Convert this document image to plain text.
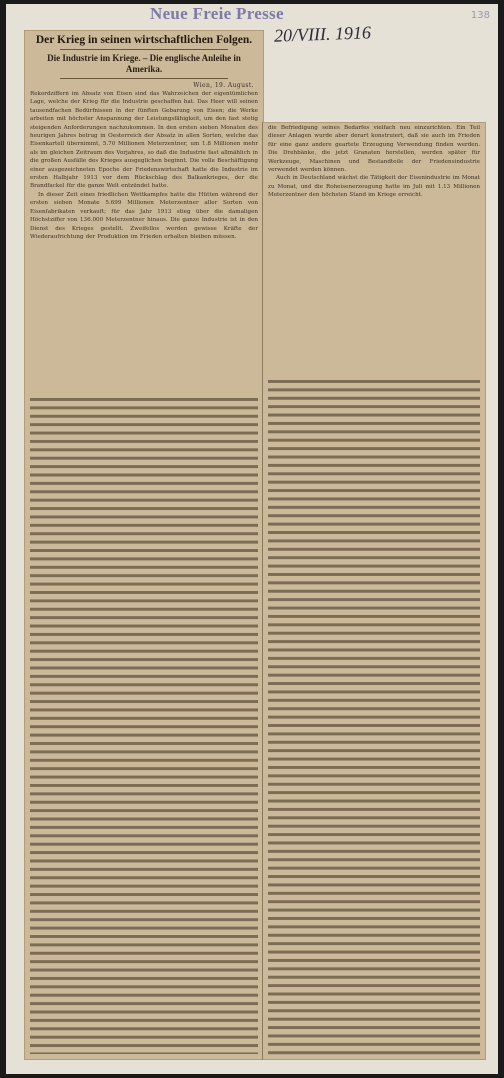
Neue Freie Presse	138
20/VIII. 1916
Der Krieg in seinen wirtschaftlichen Folgen.
Die Industrie im Kriege. – Die englische Anleihe in Amerika.
Wien, 19. August.

Rekordziffern im Absatz von Eisen sind das Wahrzeichen der eigentümlichen Lage, welche der Krieg für die Industrie geschaffen hat. Das Heer will seinen tausendfachen Bedürfnissen in der fünften Gebarung von Eisen; die Werke arbeiten mit höchster Anspannung der Leistungsfähigkeit, um den fast stetig steigenden Anforderungen nachzukommen. In den ersten sieben Monaten des heurigen Jahres betrug in Oesterreich der Absatz in allen Sorten, welche das Eisenkartell übernimmt, 5.70 Millionen Meterzentner, um 1.8 Millionen mehr als im gleichen Zeitraum des Vorjahres, so daß die Industrie fast allmählich in die großen Ausfälle des Krieges ausgeglichen beginnt. Die volle Beschäftigung einer ausgezeichneten Epoche der Friedenswirtschaft hatte die Industrie im ersten Halbjahr 1913 vor dem Rückschlag des Balkankrieges, der die Brandfackel für die ganze Welt entzündet hatte.

In dieser Zeit eines friedlichen Wettkampfes hatte die Hütten während der ersten sieben Monate 5.699 Millionen Meterzentner aller Sorten von Eisenfabrikaten verkauft; für das Jahr 1913 stieg über die damaligen Höchstziffer von 136.000 Meterzentner hinaus. Die ganze Industrie ist in den Dienst des Krieges gestellt. Zweifellos werden gewisse Kräfte der Wiederaufrichtung der Produktion im Frieden erhalten bleiben müssen.

die Befriedigung seines Bedarfes vielfach neu einzurichten. Ein Teil dieser Anlagen wurde aber derart konstruiert, daß sie auch im Frieden für eine ganz andere geartete Erzeugung Verwendung finden werden. Die Drehbänke, die jetzt Granaten herstellen, werden später für Werkzeuge, Maschinen und Bestandteile der Friedensindustrie verwendet werden können.

Auch in Deutschland wächst die Tätigkeit der Eisenindustrie im Monat zu Monat, und die Roheisenerzeugung hatte im Juli mit 1.13 Millionen Meterzentner den höchsten Stand im Kriege erreicht.
